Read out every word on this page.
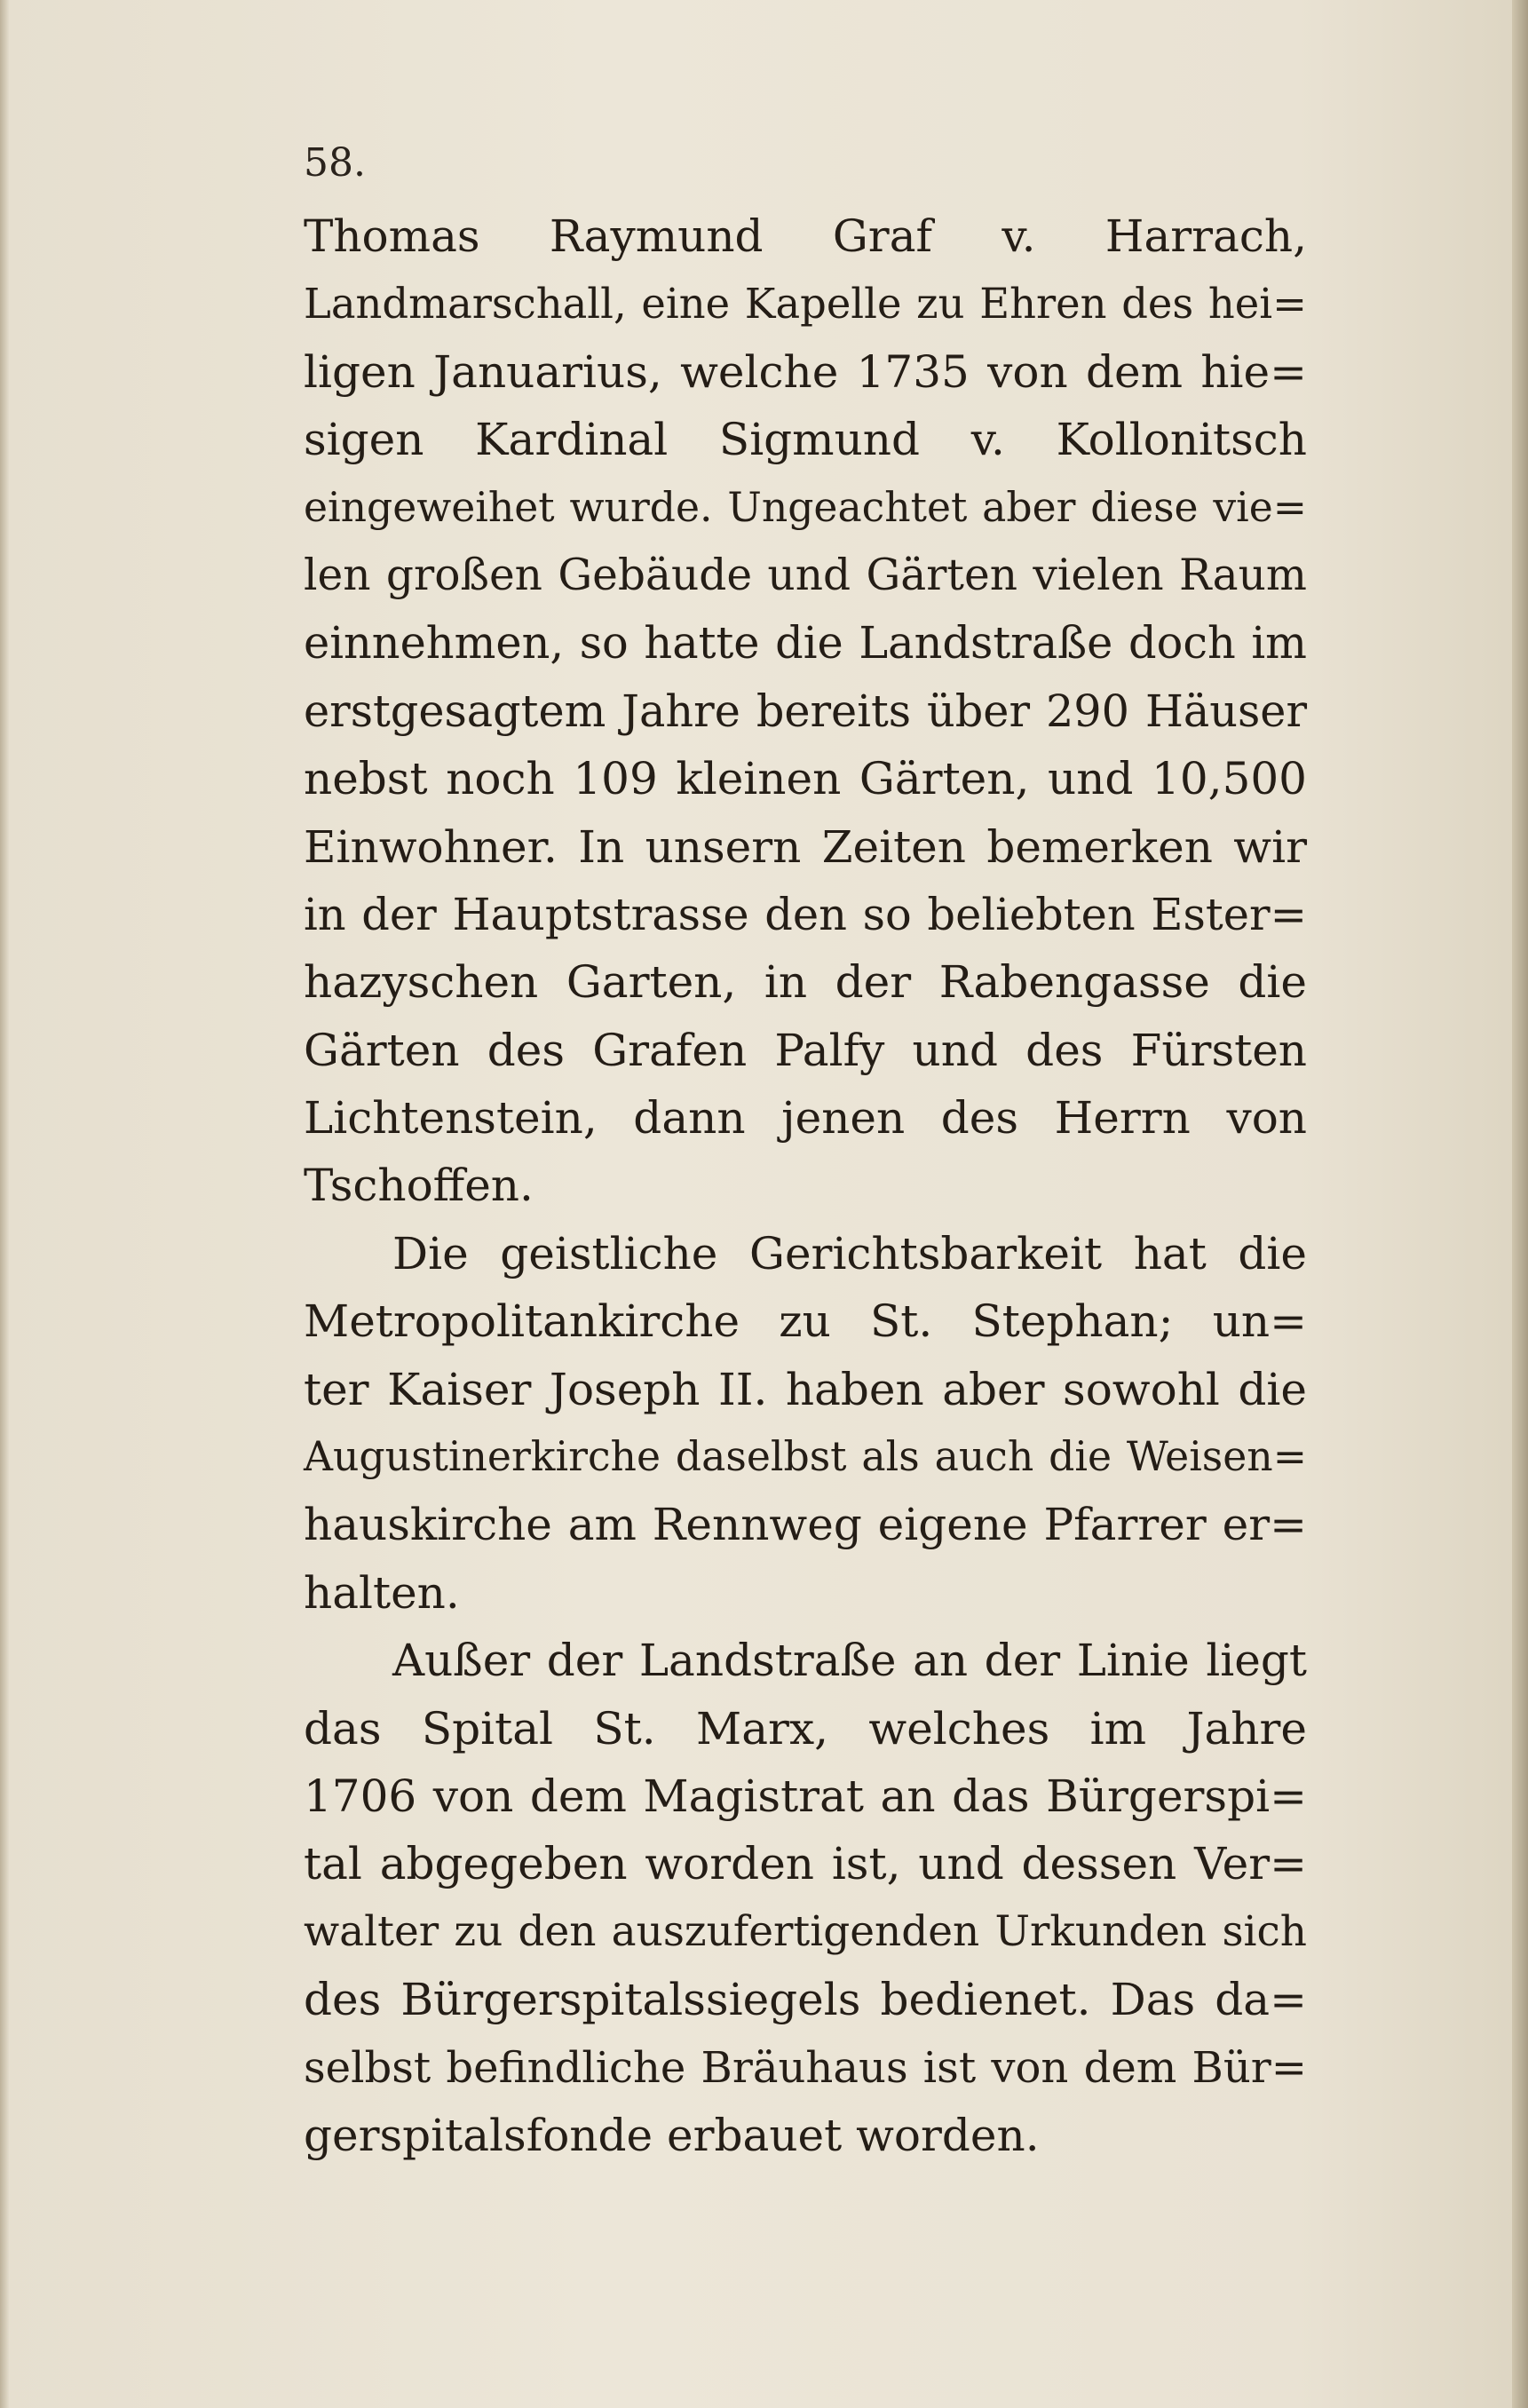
58.
Thomas Raymund Graf v. Harrach,
Landmarschall, eine Kapelle zu Ehren des hei=
ligen Januarius, welche 1735 von dem hie=
sigen Kardinal Sigmund v. Kollonitsch
eingeweihet wurde. Ungeachtet aber diese vie=
len großen Gebäude und Gärten vielen Raum
einnehmen, so hatte die Landstraße doch im
erstgesagtem Jahre bereits über 290 Häuser
nebst noch 109 kleinen Gärten, und 10,500
Einwohner. In unsern Zeiten bemerken wir
in der Hauptstrasse den so beliebten Ester=
hazyschen Garten, in der Rabengasse die
Gärten des Grafen Palfy und des Fürsten
Lichtenstein, dann jenen des Herrn von
Tschoffen.
Die geistliche Gerichtsbarkeit hat die
Metropolitankirche zu St. Stephan; un=
ter Kaiser Joseph II. haben aber sowohl die
Augustinerkirche daselbst als auch die Weisen=
hauskirche am Rennweg eigene Pfarrer er=
halten.
Außer der Landstraße an der Linie liegt
das Spital St. Marx, welches im Jahre
1706 von dem Magistrat an das Bürgerspi=
tal abgegeben worden ist, und dessen Ver=
walter zu den auszufertigenden Urkunden sich
des Bürgerspitalssiegels bedienet. Das da=
selbst befindliche Bräuhaus ist von dem Bür=
gerspitalsfonde erbauet worden.
